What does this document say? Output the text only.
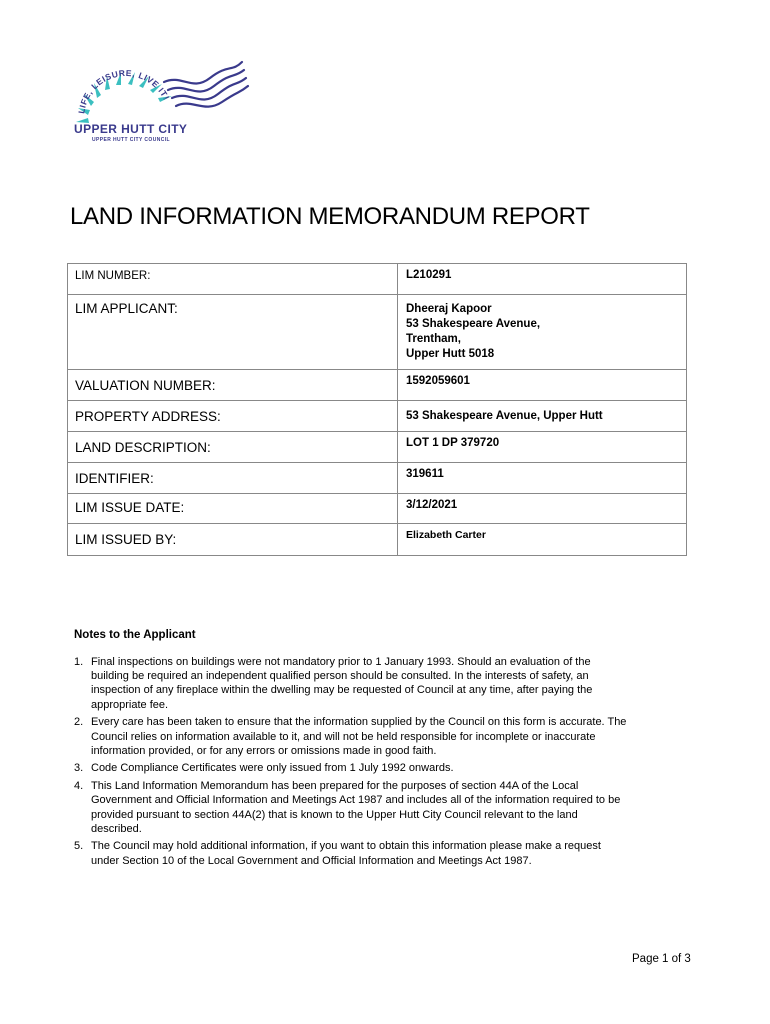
LIFE, LEISURE, LIVE IT!
UPPER HUTT CITY
UPPER HUTT CITY COUNCIL
LAND INFORMATION MEMORANDUM REPORT
LIM NUMBER:	L210291

LIM APPLICANT:	Dheeraj Kapoor
53 Shakespeare Avenue,
Trentham,
Upper Hutt 5018

VALUATION NUMBER:	1592059601

PROPERTY ADDRESS:	53 Shakespeare Avenue, Upper Hutt

LAND DESCRIPTION:	LOT 1 DP 379720

IDENTIFIER:	319611

LIM ISSUE DATE:	3/12/2021

LIM ISSUED BY:	Elizabeth Carter
Notes to the Applicant
1. Final inspections on buildings were not mandatory prior to 1 January 1993. Should an evaluation of the
building be required an independent qualified person should be consulted. In the interests of safety, an
inspection of any fireplace within the dwelling may be requested of Council at any time, after paying the
appropriate fee.
2. Every care has been taken to ensure that the information supplied by the Council on this form is accurate. The
Council relies on information available to it, and will not be held responsible for incomplete or inaccurate
information provided, or for any errors or omissions made in good faith.
3. Code Compliance Certificates were only issued from 1 July 1992 onwards.
4. This Land Information Memorandum has been prepared for the purposes of section 44A of the Local
Government and Official Information and Meetings Act 1987 and includes all of the information required to be
provided pursuant to section 44A(2) that is known to the Upper Hutt City Council relevant to the land
described.
5. The Council may hold additional information, if you want to obtain this information please make a request
under Section 10 of the Local Government and Official Information and Meetings Act 1987.
Page 1 of 3
